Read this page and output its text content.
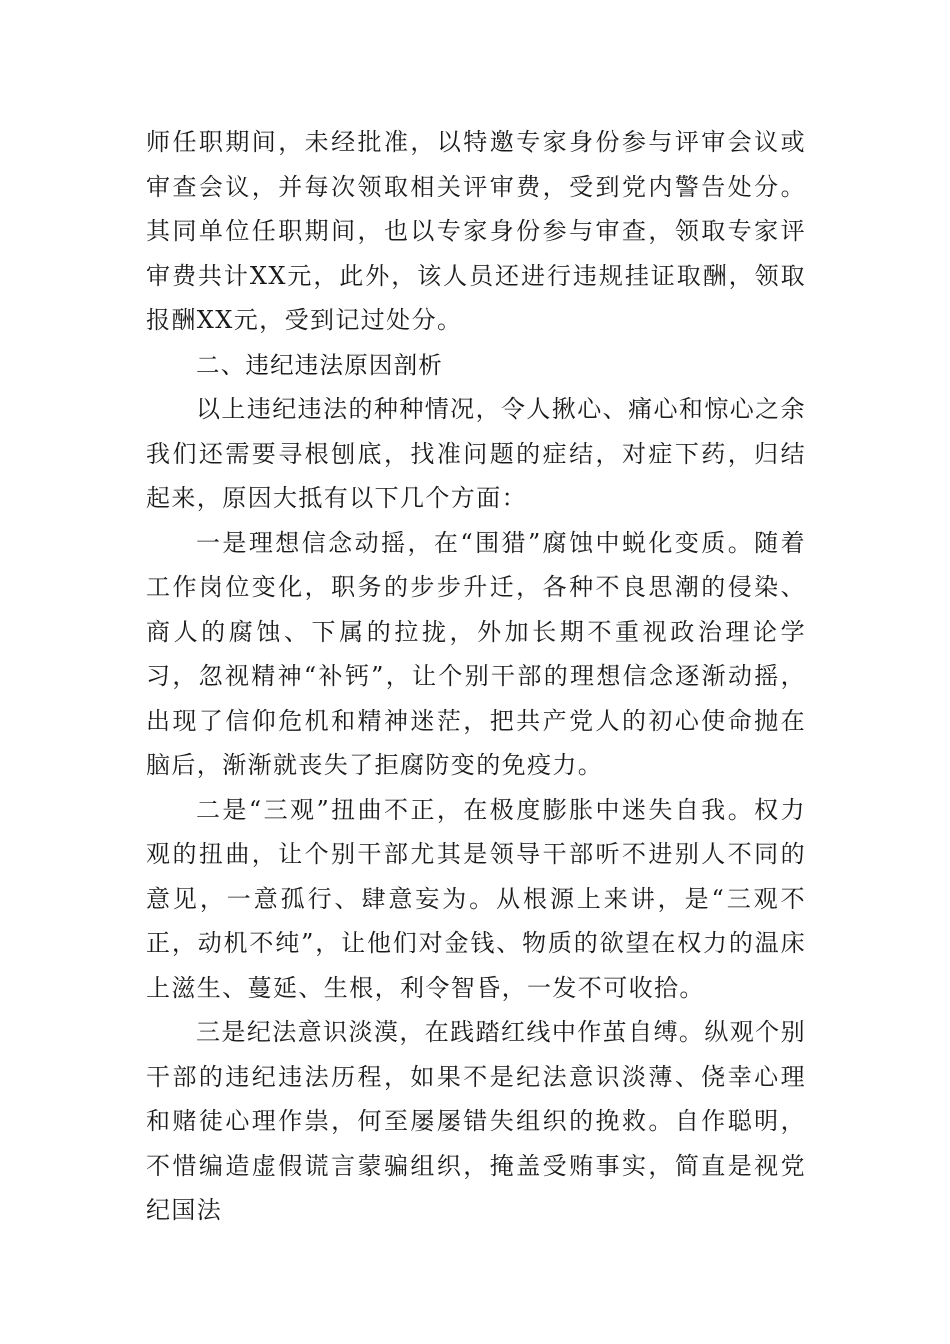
师任职期间，未经批准，以特邀专家身份参与评审会议或审查会议，并每次领取相关评审费，受到党内警告处分。其同单位任职期间，也以专家身份参与审查，领取专家评审费共计XX元，此外，该人员还进行违规挂证取酬，领取报酬XX元，受到记过处分。

二、违纪违法原因剖析

以上违纪违法的种种情况，令人揪心、痛心和惊心之余我们还需要寻根刨底，找准问题的症结，对症下药，归结起来，原因大抵有以下几个方面：

一是理想信念动摇，在“围猎”腐蚀中蜕化变质。随着工作岗位变化，职务的步步升迁，各种不良思潮的侵染、商人的腐蚀、下属的拉拢，外加长期不重视政治理论学习，忽视精神“补钙”，让个别干部的理想信念逐渐动摇，出现了信仰危机和精神迷茫，把共产党人的初心使命抛在脑后，渐渐就丧失了拒腐防变的免疫力。

二是“三观”扭曲不正，在极度膨胀中迷失自我。权力观的扭曲，让个别干部尤其是领导干部听不进别人不同的意见，一意孤行、肆意妄为。从根源上来讲，是“三观不正，动机不纯”，让他们对金钱、物质的欲望在权力的温床上滋生、蔓延、生根，利令智昏，一发不可收拾。

三是纪法意识淡漠，在践踏红线中作茧自缚。纵观个别干部的违纪违法历程，如果不是纪法意识淡薄、侥幸心理和赌徒心理作祟，何至屡屡错失组织的挽救。自作聪明，不惜编造虚假谎言蒙骗组织，掩盖受贿事实，简直是视党纪国法
